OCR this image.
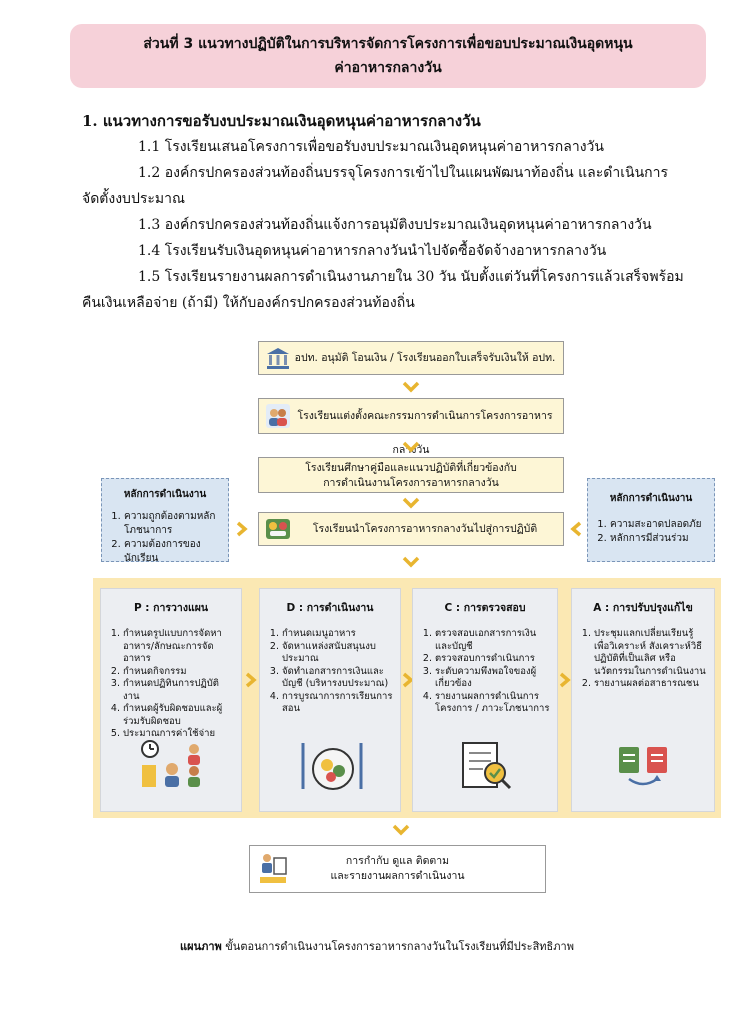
ส่วนที่ 3 แนวทางปฏิบัติในการบริหารจัดการโครงการเพื่อขอบประมาณเงินอุดหนุน
ค่าอาหารกลางวัน
1. แนวทางการขอรับงบประมาณเงินอุดหนุนค่าอาหารกลางวัน
1.1 โรงเรียนเสนอโครงการเพื่อขอรับงบประมาณเงินอุดหนุนค่าอาหารกลางวัน
1.2 องค์กรปกครองส่วนท้องถิ่นบรรจุโครงการเข้าไปในแผนพัฒนาท้องถิ่น และดำเนินการ
จัดตั้งงบประมาณ
1.3 องค์กรปกครองส่วนท้องถิ่นแจ้งการอนุมัติงบประมาณเงินอุดหนุนค่าอาหารกลางวัน
1.4 โรงเรียนรับเงินอุดหนุนค่าอาหารกลางวันนำไปจัดซื้อจัดจ้างอาหารกลางวัน
1.5 โรงเรียนรายงานผลการดำเนินงานภายใน 30 วัน นับตั้งแต่วันที่โครงการแล้วเสร็จพร้อม
คืนเงินเหลือจ่าย (ถ้ามี) ให้กับองค์กรปกครองส่วนท้องถิ่น
อปท. อนุมัติ โอนเงิน / โรงเรียนออกใบเสร็จรับเงินให้ อปท.
โรงเรียนแต่งตั้งคณะกรรมการดำเนินการโครงการอาหารกลางวัน
โรงเรียนศึกษาคู่มือและแนวปฏิบัติที่เกี่ยวข้องกับ
การดำเนินงานโครงการอาหารกลางวัน
โรงเรียนนำโครงการอาหารกลางวันไปสู่การปฏิบัติ
หลักการดำเนินงาน
1. ความถูกต้องตามหลักโภชนาการ
2. ความต้องการของนักเรียน
หลักการดำเนินงาน
1. ความสะอาดปลอดภัย
2. หลักการมีส่วนร่วม
P : การวางแผน
1. กำหนดรูปแบบการจัดหาอาหาร/ลักษณะการจัดอาหาร
2. กำหนดกิจกรรม
3. กำหนดปฏิทินการปฏิบัติงาน
4. กำหนดผู้รับผิดชอบและผู้ร่วมรับผิดชอบ
5. ประมาณการค่าใช้จ่าย
D : การดำเนินงาน
1. กำหนดเมนูอาหาร
2. จัดหาแหล่งสนับสนุนงบประมาณ
3. จัดทำเอกสารการเงินและบัญชี (บริหารงบประมาณ)
4. การบูรณาการการเรียนการสอน
C : การตรวจสอบ
1. ตรวจสอบเอกสารการเงินและบัญชี
2. ตรวจสอบการดำเนินการ
3. ระดับความพึงพอใจของผู้เกี่ยวข้อง
4. รายงานผลการดำเนินการโครงการ / ภาวะโภชนาการ
A : การปรับปรุงแก้ไข
1. ประชุมแลกเปลี่ยนเรียนรู้ เพื่อวิเคราะห์ สังเคราะห์วิธีปฏิบัติที่เป็นเลิศ หรือนวัตกรรมในการดำเนินงาน
2. รายงานผลต่อสาธารณชน
การกำกับ ดูแล ติดตาม
และรายงานผลการดำเนินงาน
แผนภาพ ขั้นตอนการดำเนินงานโครงการอาหารกลางวันในโรงเรียนที่มีประสิทธิภาพ
